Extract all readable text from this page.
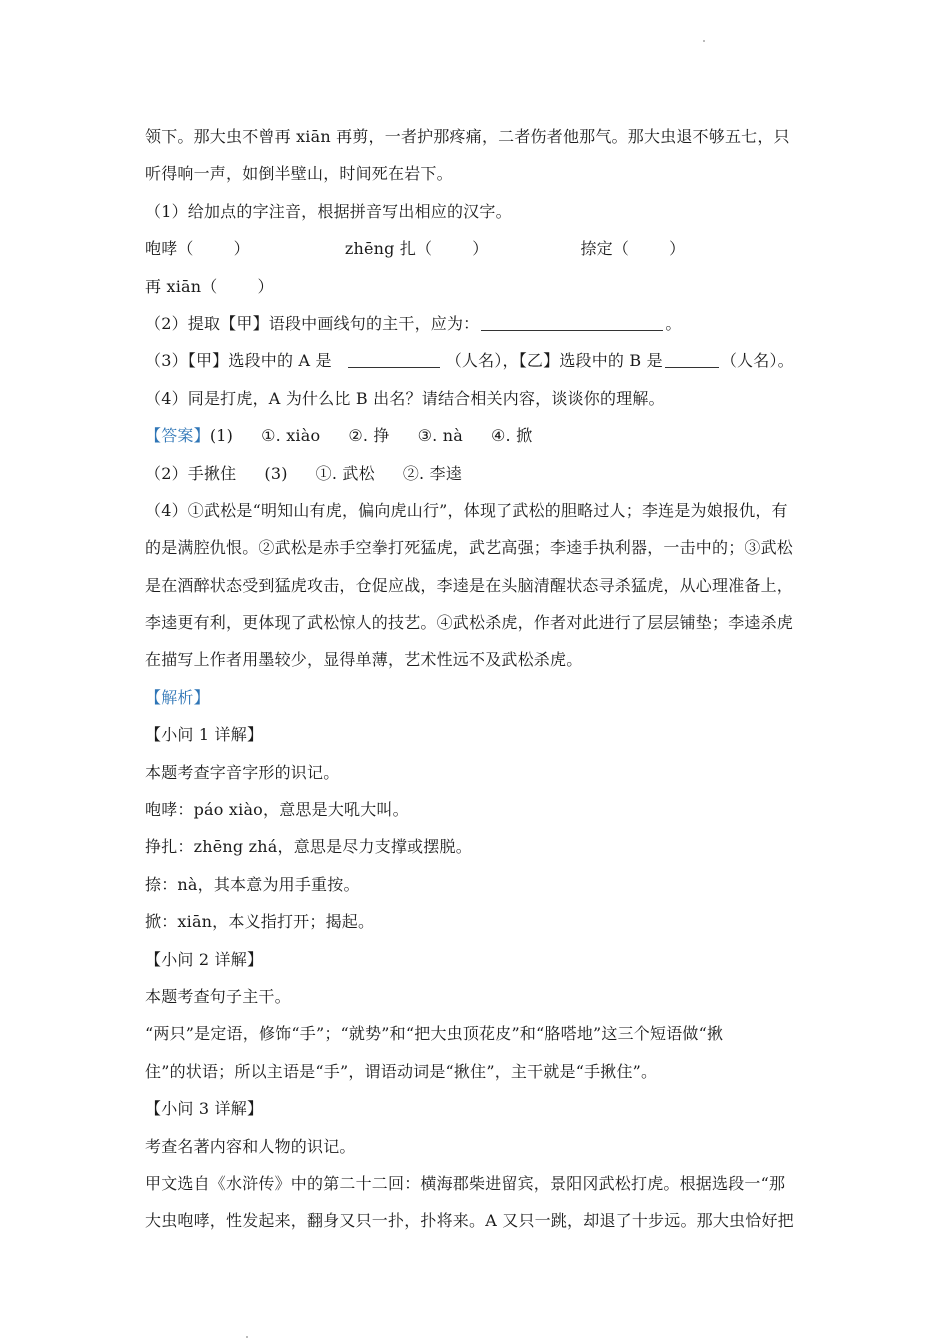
领下。那大虫不曾再 xiān 再剪，一者护那疼痛，二者伤者他那气。那大虫退不够五七，只
听得响一声，如倒半壁山，时间死在岩下。
（1）给加点的字注音，根据拼音写出相应的汉字。
咆哮（	）	zhēng 扎（	）	捺定（	）
再 xiān（	）
（2）提取【甲】语段中画线句的主干，应为：	。
（3）【甲】选段中的 A 是	（人名），【乙】选段中的 B 是	（人名）。
（4）同是打虎，A 为什么比 B 出名？请结合相关内容，谈谈你的理解。
【答案】(1) ①. xiào ②. 挣 ③. nà ④. 掀
（2）手揪住 (3) ①. 武松 ②. 李逵
（4）①武松是“明知山有虎，偏向虎山行”，体现了武松的胆略过人；李连是为娘报仇，有
的是满腔仇恨。②武松是赤手空拳打死猛虎，武艺高强；李逵手执利器，一击中的；③武松
是在酒醉状态受到猛虎攻击，仓促应战，李逵是在头脑清醒状态寻杀猛虎，从心理准备上，
李逵更有利，更体现了武松惊人的技艺。④武松杀虎，作者对此进行了层层铺垫；李逵杀虎
在描写上作者用墨较少，显得单薄，艺术性远不及武松杀虎。
【解析】
【小问 1 详解】
本题考查字音字形的识记。
咆哮：páo xiào，意思是大吼大叫。
挣扎：zhēng zhá，意思是尽力支撑或摆脱。
捺：nà，其本意为用手重按。
掀：xiān，本义指打开；揭起。
【小问 2 详解】
本题考查句子主干。
“两只”是定语，修饰“手”；“就势”和“把大虫顶花皮”和“胳嗒地”这三个短语做“揪
住”的状语；所以主语是“手”，谓语动词是“揪住”，主干就是“手揪住”。
【小问 3 详解】
考查名著内容和人物的识记。
甲文选自《水浒传》中的第二十二回：横海郡柴进留宾，景阳冈武松打虎。根据选段一“那
大虫咆哮，性发起来，翻身又只一扑，扑将来。A 又只一跳，却退了十步远。那大虫恰好把
